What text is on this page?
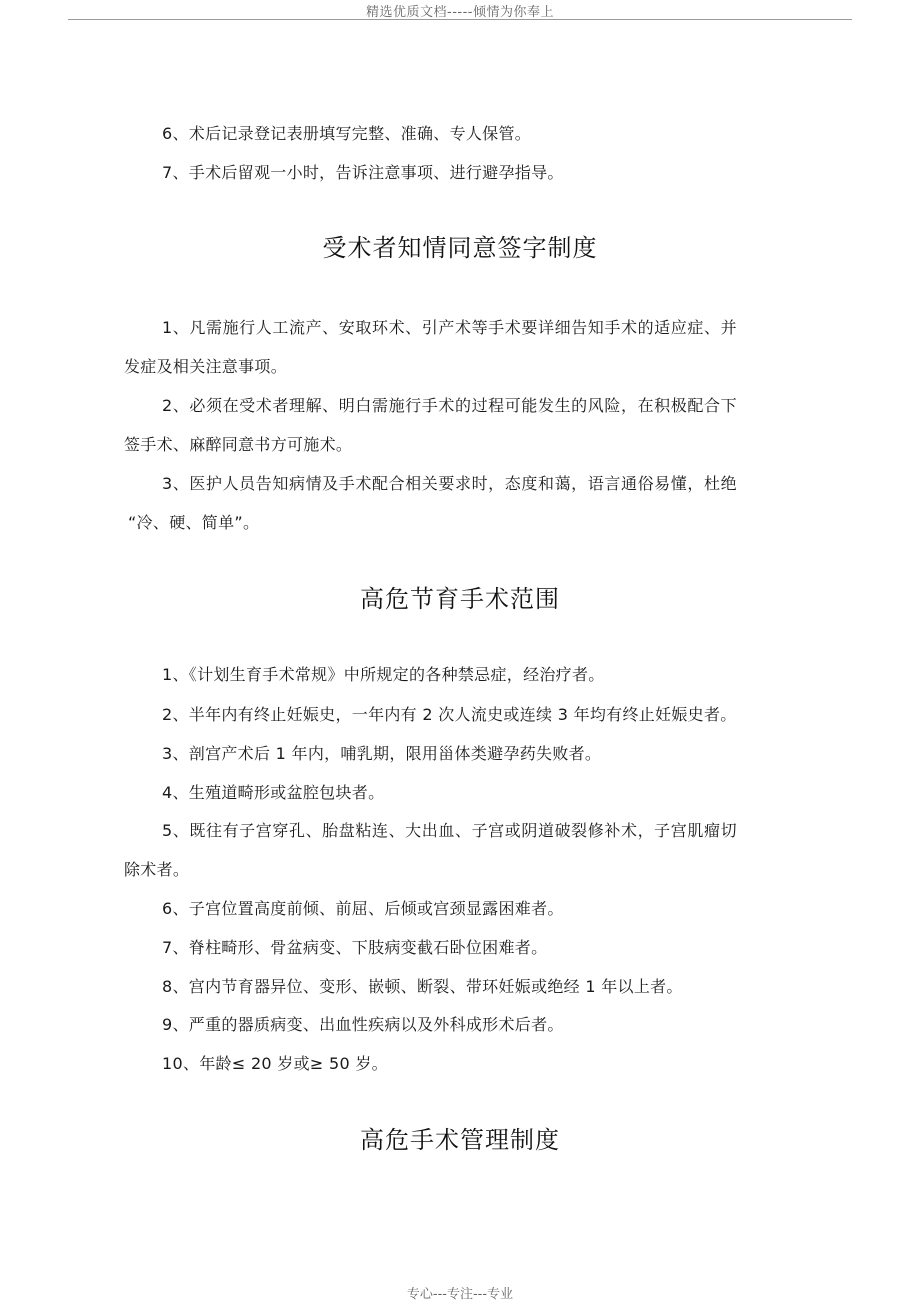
精选优质文档-----倾情为你奉上
6、术后记录登记表册填写完整、准确、专人保管。
7、手术后留观一小时，告诉注意事项、进行避孕指导。
受术者知情同意签字制度
1、凡需施行人工流产、安取环术、引产术等手术要详细告知手术的适应症、并
发症及相关注意事项。
2、必须在受术者理解、明白需施行手术的过程可能发生的风险，在积极配合下
签手术、麻醉同意书方可施术。
3、医护人员告知病情及手术配合相关要求时，态度和蔼，语言通俗易懂，杜绝
“冷、硬、简单”。
高危节育手术范围
1、《计划生育手术常规》中所规定的各种禁忌症，经治疗者。
2、半年内有终止妊娠史，一年内有 2 次人流史或连续 3 年均有终止妊娠史者。
3、剖宫产术后 1 年内，哺乳期，限用甾体类避孕药失败者。
4、生殖道畸形或盆腔包块者。
5、既往有子宫穿孔、胎盘粘连、大出血、子宫或阴道破裂修补术，子宫肌瘤切
除术者。
6、子宫位置高度前倾、前屈、后倾或宫颈显露困难者。
7、脊柱畸形、骨盆病变、下肢病变截石卧位困难者。
8、宫内节育器异位、变形、嵌顿、断裂、带环妊娠或绝经 1 年以上者。
9、严重的器质病变、出血性疾病以及外科成形术后者。
10、年龄≤ 20 岁或≥ 50 岁。
高危手术管理制度
专心---专注---专业
